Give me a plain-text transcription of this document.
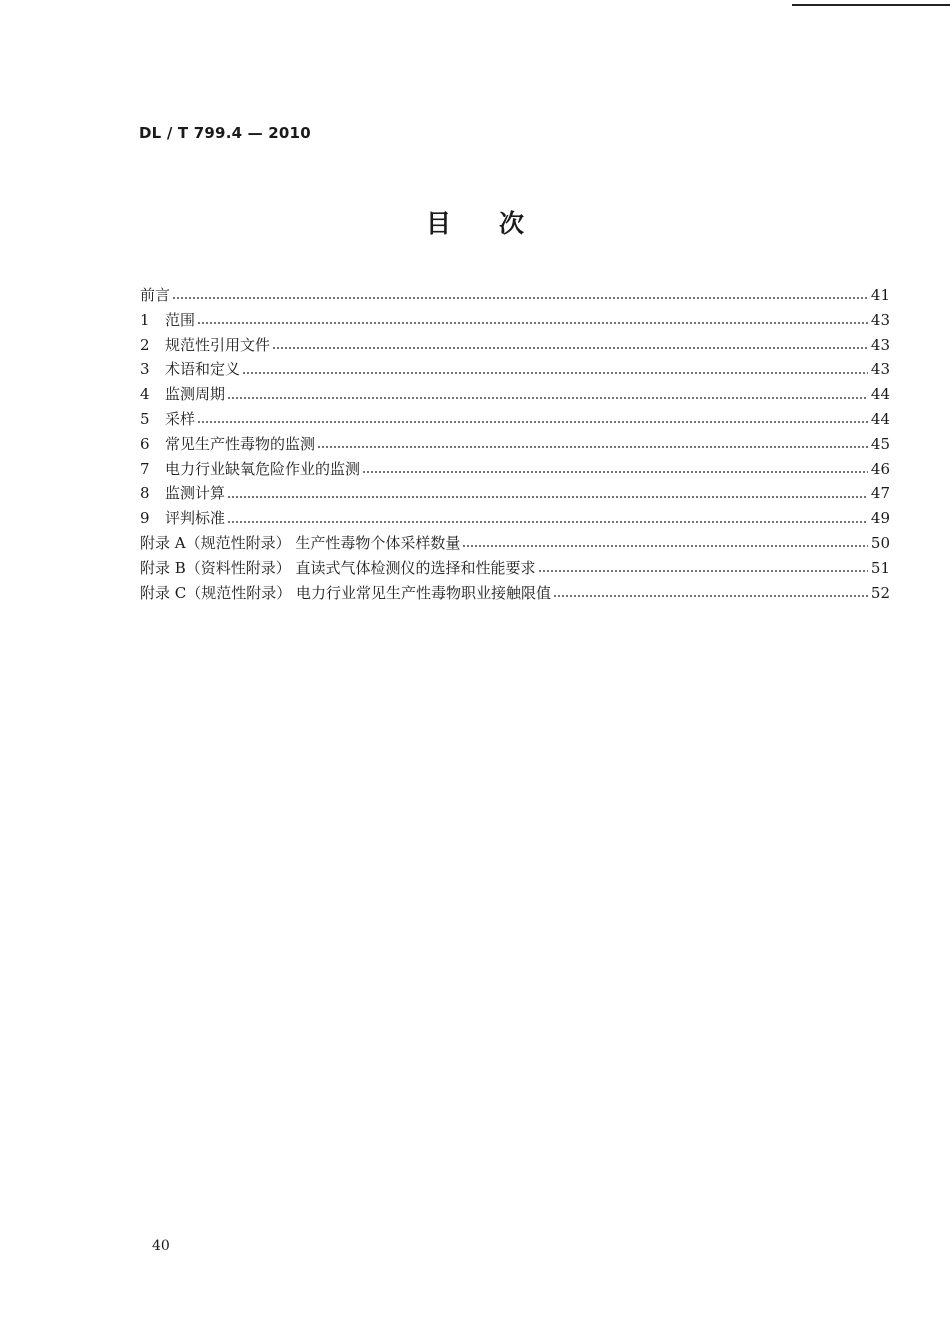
DL / T 799.4 — 2010
目次
前言	41
1	范围	43
2	规范性引用文件	43
3	术语和定义	43
4	监测周期	44
5	采样	44
6	常见生产性毒物的监测	45
7	电力行业缺氧危险作业的监测	46
8	监测计算	47
9	评判标准	49
附录 A（规范性附录） 生产性毒物个体采样数量	50
附录 B（资料性附录） 直读式气体检测仪的选择和性能要求	51
附录 C（规范性附录） 电力行业常见生产性毒物职业接触限值	52
40
